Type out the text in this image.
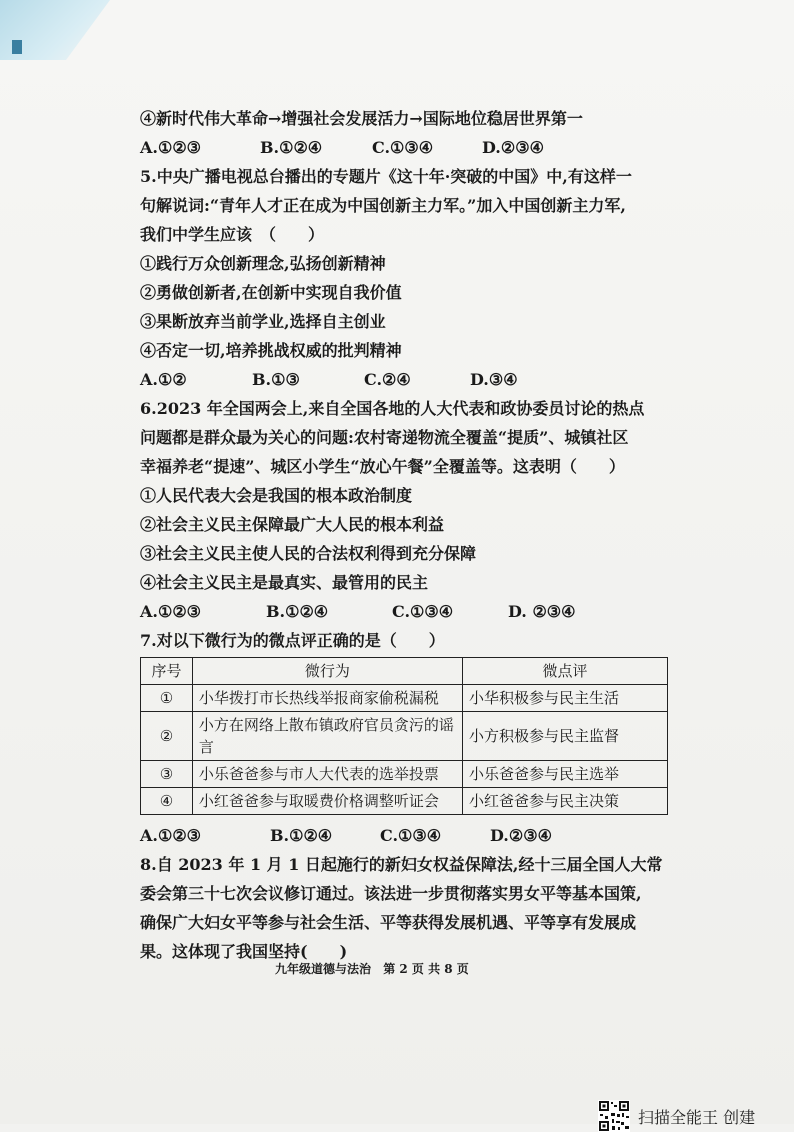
④新时代伟大革命→增强社会发展活力→国际地位稳居世界第一
A.①②③	B.①②④	C.①③④	D.②③④
5.中央广播电视总台播出的专题片《这十年·突破的中国》中,有这样一
句解说词:“青年人才正在成为中国创新主力军。”加入中国创新主力军,
我们中学生应该　（　　）
①践行万众创新理念,弘扬创新精神
②勇做创新者,在创新中实现自我价值
③果断放弃当前学业,选择自主创业
④否定一切,培养挑战权威的批判精神
A.①②	B.①③	C.②④	D.③④
6.2023 年全国两会上,来自全国各地的人大代表和政协委员讨论的热点
问题都是群众最为关心的问题:农村寄递物流全覆盖“提质”、城镇社区
幸福养老“提速”、城区小学生“放心午餐”全覆盖等。这表明（　　）
①人民代表大会是我国的根本政治制度
②社会主义民主保障最广大人民的根本利益
③社会主义民主使人民的合法权利得到充分保障
④社会主义民主是最真实、最管用的民主
A.①②③	B.①②④	C.①③④	D. ②③④
7.对以下微行为的微点评正确的是（　　）
序号	微行为	微点评
①	小华拨打市长热线举报商家偷税漏税	小华积极参与民主生活
②	小方在网络上散布镇政府官员贪污的谣言	小方积极参与民主监督
③	小乐爸爸参与市人大代表的选举投票	小乐爸爸参与民主选举
④	小红爸爸参与取暖费价格调整听证会	小红爸爸参与民主决策
A.①②③	B.①②④	C.①③④	D.②③④
8.自 2023 年 1 月 1 日起施行的新妇女权益保障法,经十三届全国人大常
委会第三十七次会议修订通过。该法进一步贯彻落实男女平等基本国策,
确保广大妇女平等参与社会生活、平等获得发展机遇、平等享有发展成
果。这体现了我国坚持(　　)
九年级道德与法治 第 2 页 共 8 页
扫描全能王 创建
